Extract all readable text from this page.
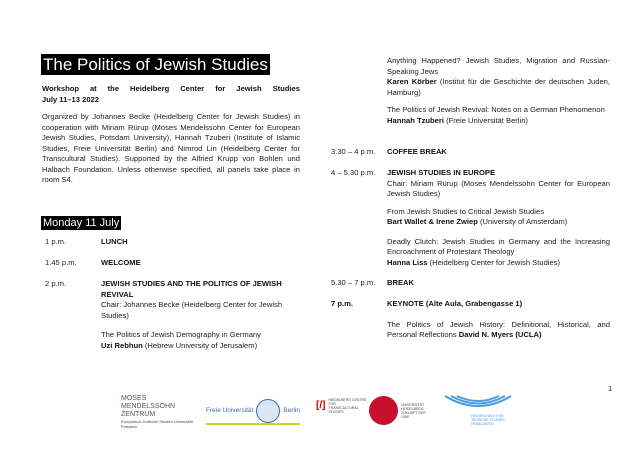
The Politics of Jewish Studies
Workshop at the Heidelberg Center for Jewish Studies
July 11–13 2022
Organized by Johannes Becke (Heidelberg Center for Jewish Studies) in cooperation with Miriam Rürup (Moses Mendelssohn Center for European Jewish Studies, Potsdam University), Hannah Tzuberi (Institute of Islamic Studies, Freie Universität Berlin) and Nimrod Lin (Heidelberg Center for Transcultural Studies). Supported by the Alfried Krupp von Bohlen und Halbach Foundation. Unless otherwise specified, all panels take place in room S4.
Monday 11 July
1 p.m.	LUNCH
1.45 p.m.	WELCOME
2 p.m.	JEWISH STUDIES AND THE POLITICS OF JEWISH REVIVAL
Chair: Johannes Becke (Heidelberg Center for Jewish Studies)
The Politics of Jewish Demography in Germany
Uzi Rebhun (Hebrew University of Jerusalem)
Anything Happened? Jewish Studies, Migration and Russian-Speaking Jews
Karen Körber (Institut für die Geschichte der deutschen Juden, Hamburg)
The Politics of Jewish Revival: Notes on a German Phenomenon
Hannah Tzuberi (Freie Universität Berlin)
3.30 – 4 p.m.	COFFEE BREAK
4 – 5.30 p.m.	JEWISH STUDIES IN EUROPE
Chair: Miriam Rürup (Moses Mendelssohn Center for European Jewish Studies)
From Jewish Studies to Critical Jewish Studies
Bart Wallet & Irene Zwiep (University of Amsterdam)
Deadly Clutch: Jewish Studies in Germany and the Increasing Encroachment of Protestant Theology
Hanna Liss (Heidelberg Center for Jewish Studies)
5.30 – 7 p.m.	BREAK
7 p.m.	KEYNOTE (Alte Aula, Grabengasse 1)
The Politics of Jewish History: Definitional, Historical, and Personal Reflections David N. Myers (UCLA)
1
MOSES MENDELSSOHN ZENTRUM
Europäisch-Jüdische Studien Universität Potsdam
Freie Universität	Berlin [/] HEIDELBERG CENTRE FOR TRANSCULTURAL STUDIES
UNIVERSITÄT HEIDELBERG ZUKUNFT SEIT 1386	HOCHSCHULE FÜR JÜDISCHE STUDIEN HEIDELBERG
